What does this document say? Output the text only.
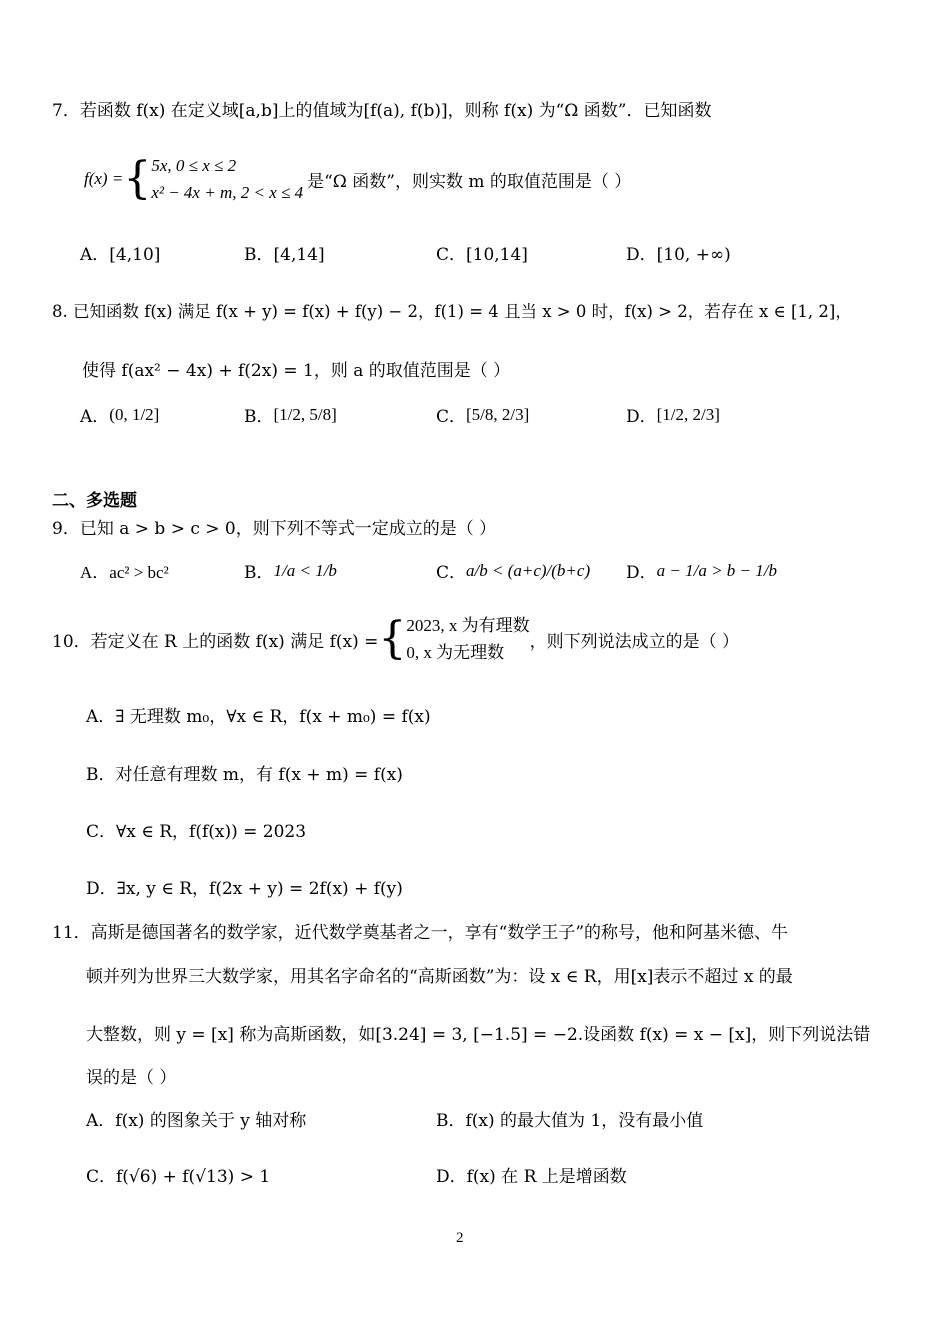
7．若函数 f(x) 在定义域[a,b]上的值域为[f(a), f(b)]，则称 f(x) 为“Ω 函数”．已知函数
f(x) = { 5x, 0 ≤ x ≤ 2
x² − 4x + m, 2 < x ≤ 4
是“Ω 函数”，则实数 m 的取值范围是（ ）
A．[4,10]	B．[4,14]	C．[10,14]	D．[10, +∞)
8. 已知函数 f(x) 满足 f(x + y) = f(x) + f(y) − 2，f(1) = 4 且当 x > 0 时，f(x) > 2，若存在 x ∈ [1, 2]，
使得 f(ax² − 4x) + f(2x) = 1，则 a 的取值范围是（ ）
A． (0, 1/2]	B． [1/2, 5/8]	C． [5/8, 2/3]	D． [1/2, 2/3]
二、多选题
9．已知 a > b > c > 0，则下列不等式一定成立的是（ ）
A．ac² > bc²	B． 1/a < 1/b	C． a/b < (a+c)/(b+c) D． a − 1/a > b − 1/b
10．若定义在 R 上的函数 f(x) 满足 f(x) = { 2023, x 为有理数
0, x 为无理数
，则下列说法成立的是（ ）
A．∃ 无理数 m₀，∀x ∈ R，f(x + m₀) = f(x)
B．对任意有理数 m，有 f(x + m) = f(x)
C．∀x ∈ R，f(f(x)) = 2023
D．∃x, y ∈ R，f(2x + y) = 2f(x) + f(y)
11．高斯是德国著名的数学家，近代数学奠基者之一，享有“数学王子”的称号，他和阿基米德、牛
顿并列为世界三大数学家，用其名字命名的“高斯函数”为：设 x ∈ R，用[x]表示不超过 x 的最
大整数，则 y = [x] 称为高斯函数，如[3.24] = 3, [−1.5] = −2.设函数 f(x) = x − [x]，则下列说法错
误的是（ ）
A．f(x) 的图象关于 y 轴对称	B．f(x) 的最大值为 1，没有最小值
C．f(√6) + f(√13) > 1	D．f(x) 在 R 上是增函数
2
